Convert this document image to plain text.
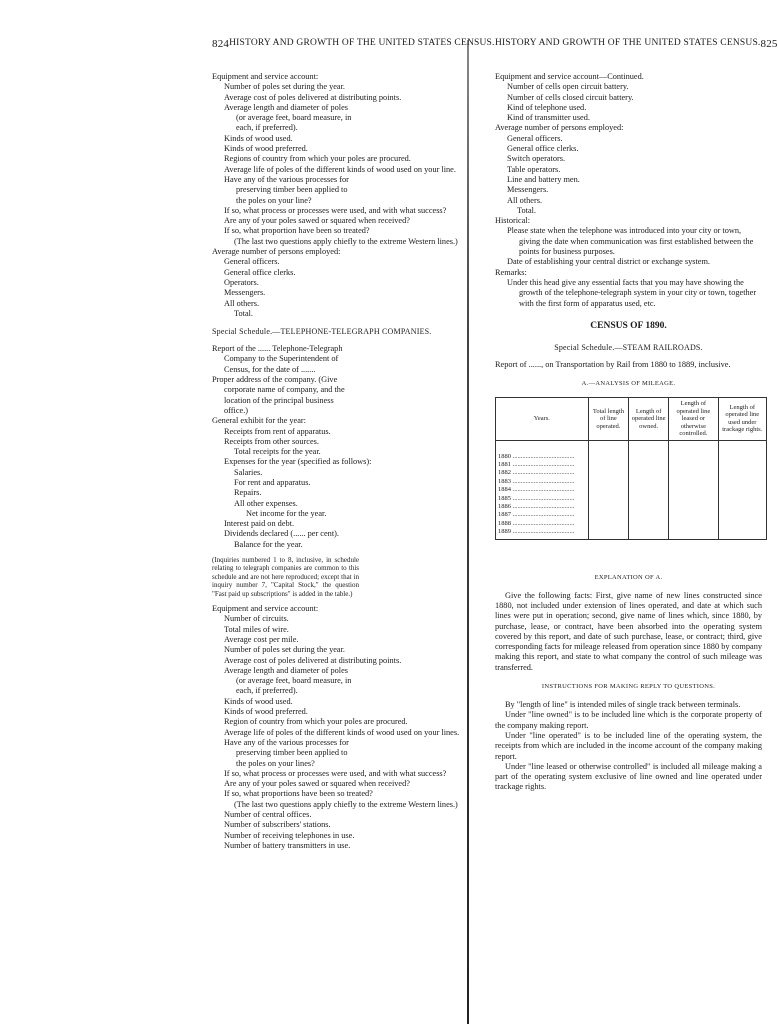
824 HISTORY AND GROWTH OF THE UNITED STATES CENSUS.
Equipment and service account:
Number of poles set during the year.
Average cost of poles delivered at distributing points.
Average length and diameter of poles (or average feet, board measure, in each, if preferred).
Kinds of wood used.
Kinds of wood preferred.
Regions of country from which your poles are procured.
Average life of poles of the different kinds of wood used on your line.
Have any of the various processes for preserving timber been applied to the poles on your line?
If so, what process or processes were used, and with what success?
Are any of your poles sawed or squared when received?
If so, what proportion have been so treated?
(The last two questions apply chiefly to the extreme Western lines.)
Average number of persons employed:
General officers.
General office clerks.
Operators.
Messengers.
All others.
Total.
Special Schedule.—TELEPHONE-TELEGRAPH COMPANIES.
Report of the ...... Telephone-Telegraph Company to the Superintendent of Census, for the date of .......
Proper address of the company. (Give corporate name of company, and the location of the principal business office.)
General exhibit for the year:
Receipts from rent of apparatus.
Receipts from other sources.
Total receipts for the year.
Expenses for the year (specified as follows):
Salaries.
For rent and apparatus.
Repairs.
All other expenses.
Net income for the year.
Interest paid on debt.
Dividends declared (...... per cent).
Balance for the year.
(Inquiries numbered 1 to 8, inclusive, in schedule relating to telegraph companies are common to this schedule and are not here reproduced; except that in inquiry number 7, "Capital Stock," the question "Fast paid up subscriptions" is added in the table.)
Equipment and service account:
Number of circuits.
Total miles of wire.
Average cost per mile.
Number of poles set during the year.
Average cost of poles delivered at distributing points.
Average length and diameter of poles (or average feet, board measure, in each, if preferred).
Kinds of wood used.
Kinds of wood preferred.
Region of country from which your poles are procured.
Average life of poles of the different kinds of wood used on your lines.
Have any of the various processes for preserving timber been applied to the poles on your lines?
If so, what process or processes were used, and with what success?
Are any of your poles sawed or squared when received?
If so, what proportions have been so treated?
(The last two questions apply chiefly to the extreme Western lines.)
Number of central offices.
Number of subscribers' stations.
Number of receiving telephones in use.
Number of battery transmitters in use.
HISTORY AND GROWTH OF THE UNITED STATES CENSUS. 825
Equipment and service account—Continued.
Number of cells open circuit battery.
Number of cells closed circuit battery.
Kind of telephone used.
Kind of transmitter used.
Average number of persons employed:
General officers.
General office clerks.
Switch operators.
Table operators.
Line and battery men.
Messengers.
All others.
Total.
Historical:
Please state when the telephone was introduced into your city or town, giving the date when communication was first established between the points for business purposes.
Date of establishing your central district or exchange system.
Remarks:
Under this head give any essential facts that you may have showing the growth of the telephone-telegraph system in your city or town, together with the first form of apparatus used, etc.
CENSUS OF 1890.
Special Schedule.—STEAM RAILROADS.
Report of ......, on Transportation by Rail from 1880 to 1889, inclusive.
A.—ANALYSIS OF MILEAGE.
Years.	Total length of line operated.	Length of operated line owned.	Length of operated line leased or otherwise controlled.	Length of operated line used under trackage rights.
1880 .....				
1881 .....				
1882 .....				
1883 .....				
1884 .....				
1885 .....				
1886 .....				
1887 .....				
1888 .....				
1889 .....				
EXPLANATION OF A.
Give the following facts: First, give name of new lines constructed since 1880, not included under extension of lines operated, and date at which such lines were put in operation; second, give name of lines which, since 1880, by purchase, lease, or contract, have been absorbed into the operating system covered by this report, and date of such purchase, lease, or contract; third, give corresponding facts for mileage released from operation since 1880 by company making this report, and state to what company the control of such mileage was transferred.
INSTRUCTIONS FOR MAKING REPLY TO QUESTIONS.
By "length of line" is intended miles of single track between terminals.
Under "line owned" is to be included line which is the corporate property of the company making report.
Under "line operated" is to be included line of the operating system, the receipts from which are included in the income account of the company making report.
Under "line leased or otherwise controlled" is included all mileage making a part of the operating system exclusive of line owned and line operated under trackage rights.
